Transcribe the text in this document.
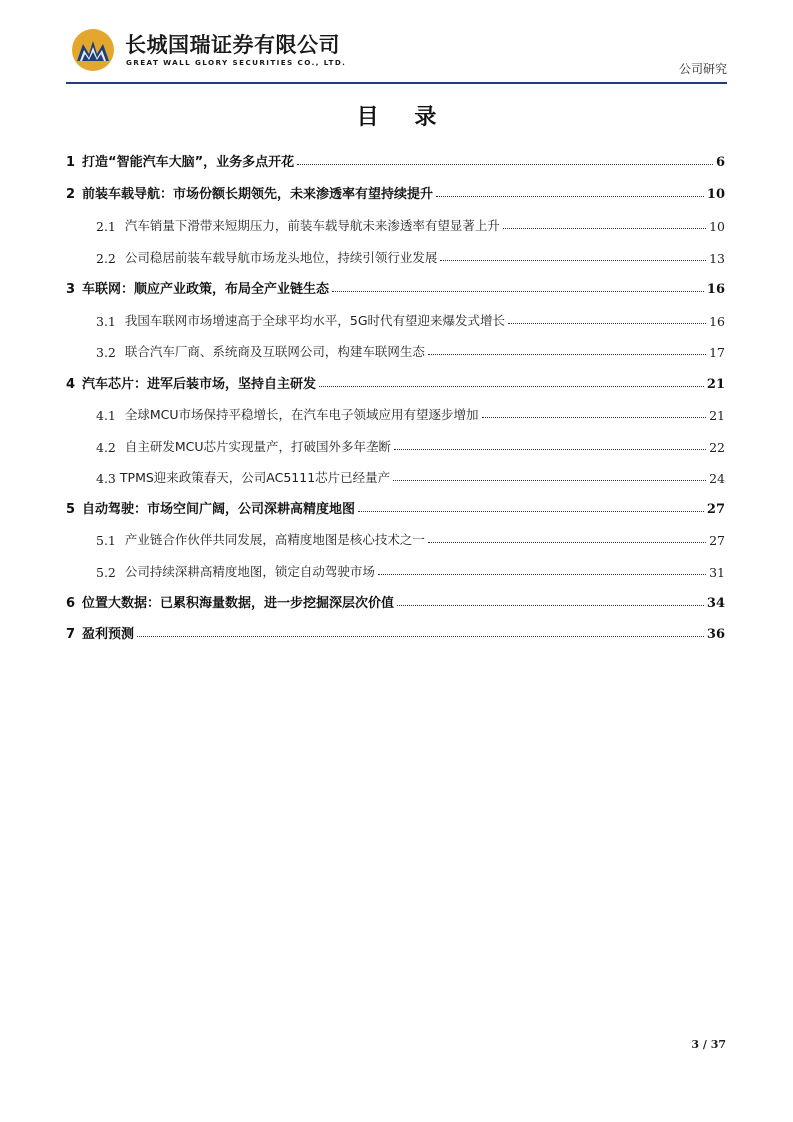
长城国瑞证券有限公司
GREAT WALL GLORY SECURITIES CO., LTD.	公司研究
目 录
1 打造“智能汽车大脑”，业务多点开花	6
2 前装车载导航：市场份额长期领先，未来渗透率有望持续提升	10
2.1 汽车销量下滑带来短期压力，前装车载导航未来渗透率有望显著上升	10
2.2 公司稳居前装车载导航市场龙头地位，持续引领行业发展	13
3 车联网：顺应产业政策，布局全产业链生态	16
3.1 我国车联网市场增速高于全球平均水平，5G时代有望迎来爆发式增长	16
3.2 联合汽车厂商、系统商及互联网公司，构建车联网生态	17
4 汽车芯片：进军后装市场，坚持自主研发	21
4.1 全球MCU市场保持平稳增长，在汽车电子领域应用有望逐步增加	21
4.2 自主研发MCU芯片实现量产，打破国外多年垄断	22
4.3 TPMS迎来政策春天，公司AC5111芯片已经量产	24
5 自动驾驶：市场空间广阔，公司深耕高精度地图	27
5.1 产业链合作伙伴共同发展，高精度地图是核心技术之一	27
5.2 公司持续深耕高精度地图，锁定自动驾驶市场	31
6 位置大数据：已累积海量数据，进一步挖掘深层次价值	34
7 盈利预测	36
3 / 37
